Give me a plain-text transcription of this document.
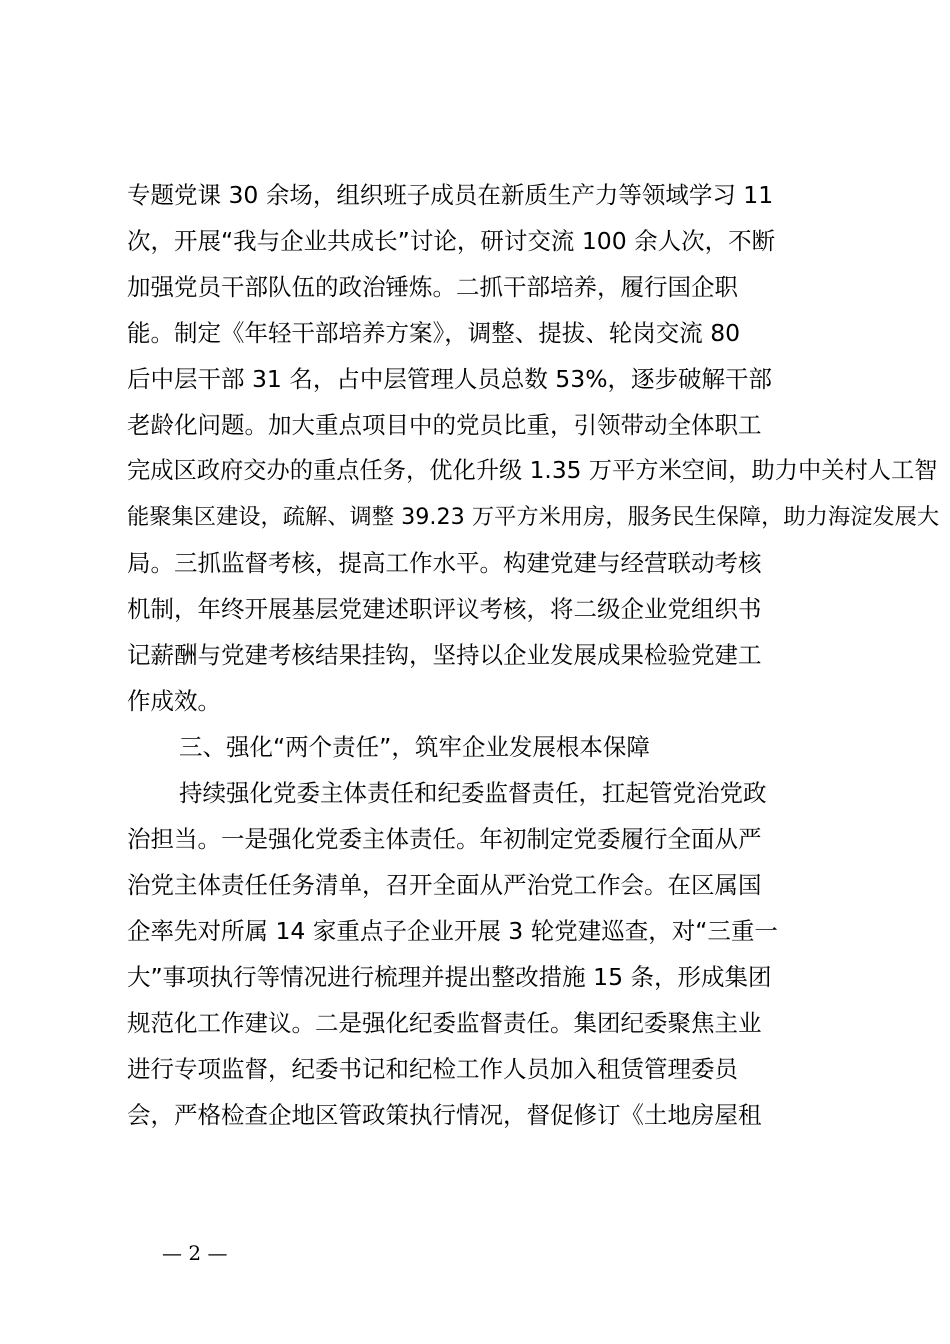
专题党课 30 余场，组织班子成员在新质生产力等领域学习 11

次，开展“我与企业共成长”讨论，研讨交流 100 余人次，不断

加强党员干部队伍的政治锤炼。二抓干部培养，履行国企职

能。制定《年轻干部培养方案》，调整、提拔、轮岗交流 80

后中层干部 31 名，占中层管理人员总数 53%，逐步破解干部

老龄化问题。加大重点项目中的党员比重，引领带动全体职工

完成区政府交办的重点任务，优化升级 1.35 万平方米空间，助力中关村人工智

能聚集区建设，疏解、调整 39.23 万平方米用房，服务民生保障，助力海淀发展大

局。三抓监督考核，提高工作水平。构建党建与经营联动考核

机制，年终开展基层党建述职评议考核，将二级企业党组织书

记薪酬与党建考核结果挂钩，坚持以企业发展成果检验党建工

作成效。

三、强化“两个责任”，筑牢企业发展根本保障

持续强化党委主体责任和纪委监督责任，扛起管党治党政

治担当。一是强化党委主体责任。年初制定党委履行全面从严

治党主体责任任务清单，召开全面从严治党工作会。在区属国

企率先对所属 14 家重点子企业开展 3 轮党建巡查，对“三重一

大”事项执行等情况进行梳理并提出整改措施 15 条，形成集团

规范化工作建议。二是强化纪委监督责任。集团纪委聚焦主业

进行专项监督，纪委书记和纪检工作人员加入租赁管理委员

会，严格检查企地区管政策执行情况，督促修订《土地房屋租

— 2 —
